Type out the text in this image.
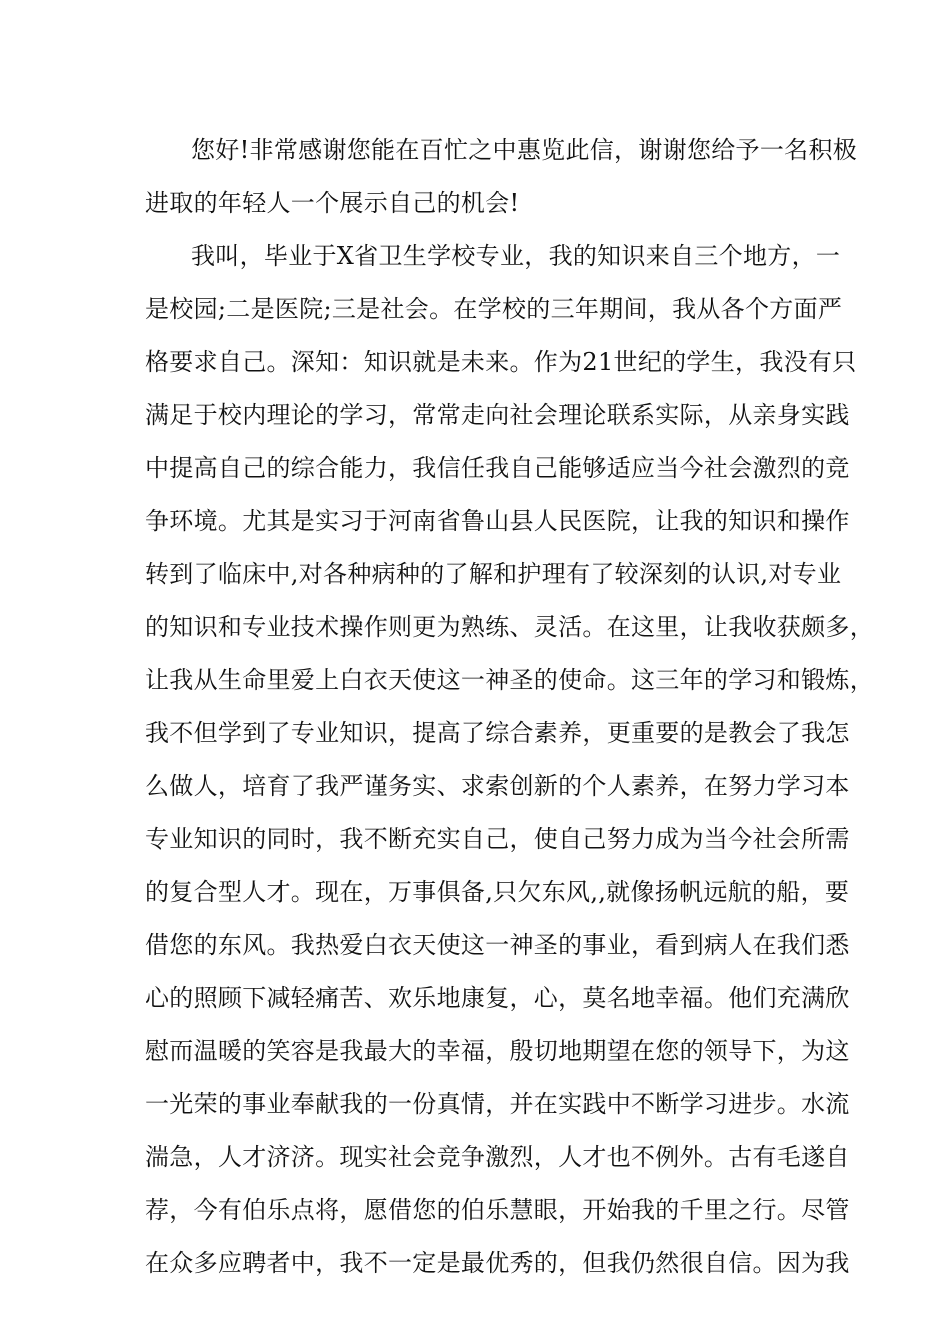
您好!非常感谢您能在百忙之中惠览此信，谢谢您给予一名积极
进取的年轻人一个展示自己的机会!
我叫，毕业于X省卫生学校专业，我的知识来自三个地方，一
是校园;二是医院;三是社会。在学校的三年期间，我从各个方面严
格要求自己。深知：知识就是未来。作为21世纪的学生，我没有只
满足于校内理论的学习，常常走向社会理论联系实际，从亲身实践
中提高自己的综合能力，我信任我自己能够适应当今社会激烈的竞
争环境。尤其是实习于河南省鲁山县人民医院，让我的知识和操作
转到了临床中,对各种病种的了解和护理有了较深刻的认识,对专业
的知识和专业技术操作则更为熟练、灵活。在这里，让我收获颇多，
让我从生命里爱上白衣天使这一神圣的使命。这三年的学习和锻炼，
我不但学到了专业知识，提高了综合素养，更重要的是教会了我怎
么做人，培育了我严谨务实、求索创新的个人素养，在努力学习本
专业知识的同时，我不断充实自己，使自己努力成为当今社会所需
的复合型人才。现在，万事俱备,只欠东风,,就像扬帆远航的船，要
借您的东风。我热爱白衣天使这一神圣的事业，看到病人在我们悉
心的照顾下减轻痛苦、欢乐地康复，心，莫名地幸福。他们充满欣
慰而温暖的笑容是我最大的幸福，殷切地期望在您的领导下，为这
一光荣的事业奉献我的一份真情，并在实践中不断学习进步。水流
湍急，人才济济。现实社会竞争激烈，人才也不例外。古有毛遂自
荐，今有伯乐点将，愿借您的伯乐慧眼，开始我的千里之行。尽管
在众多应聘者中，我不一定是最优秀的，但我仍然很自信。因为我
